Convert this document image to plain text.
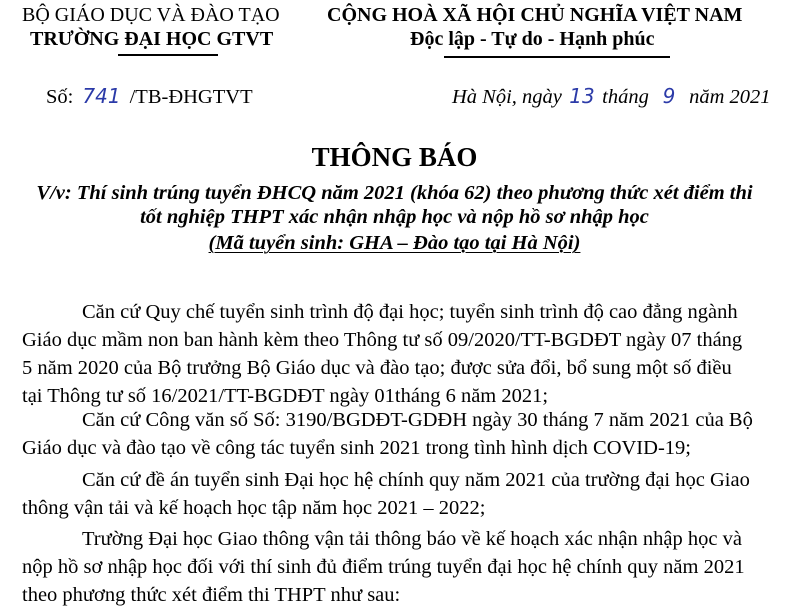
BỘ GIÁO DỤC VÀ ĐÀO TẠO
TRƯỜNG ĐẠI HỌC GTVT
CỘNG HOÀ XÃ HỘI CHỦ NGHĨA VIỆT NAM
Độc lập - Tự do - Hạnh phúc
Số: 741 /TB-ĐHGTVT	Hà Nội, ngày 13 tháng 9 năm 2021
THÔNG BÁO
V/v: Thí sinh trúng tuyển ĐHCQ năm 2021 (khóa 62) theo phương thức xét điểm thi
tốt nghiệp THPT xác nhận nhập học và nộp hồ sơ nhập học
(Mã tuyển sinh: GHA – Đào tạo tại Hà Nội)
Căn cứ Quy chế tuyển sinh trình độ đại học; tuyển sinh trình độ cao đẳng ngành
Giáo dục mầm non ban hành kèm theo Thông tư số 09/2020/TT-BGDĐT ngày 07 tháng
5 năm 2020 của Bộ trưởng Bộ Giáo dục và đào tạo; được sửa đổi, bổ sung một số điều
tại Thông tư số 16/2021/TT-BGDĐT ngày 01tháng 6 năm 2021;
Căn cứ Công văn số Số: 3190/BGDĐT-GDĐH ngày 30 tháng 7 năm 2021 của Bộ
Giáo dục và đào tạo về công tác tuyển sinh 2021 trong tình hình dịch COVID-19;
Căn cứ đề án tuyển sinh Đại học hệ chính quy năm 2021 của trường đại học Giao
thông vận tải và kế hoạch học tập năm học 2021 – 2022;
Trường Đại học Giao thông vận tải thông báo về kế hoạch xác nhận nhập học và
nộp hồ sơ nhập học đối với thí sinh đủ điểm trúng tuyển đại học hệ chính quy năm 2021
theo phương thức xét điểm thi THPT như sau:
